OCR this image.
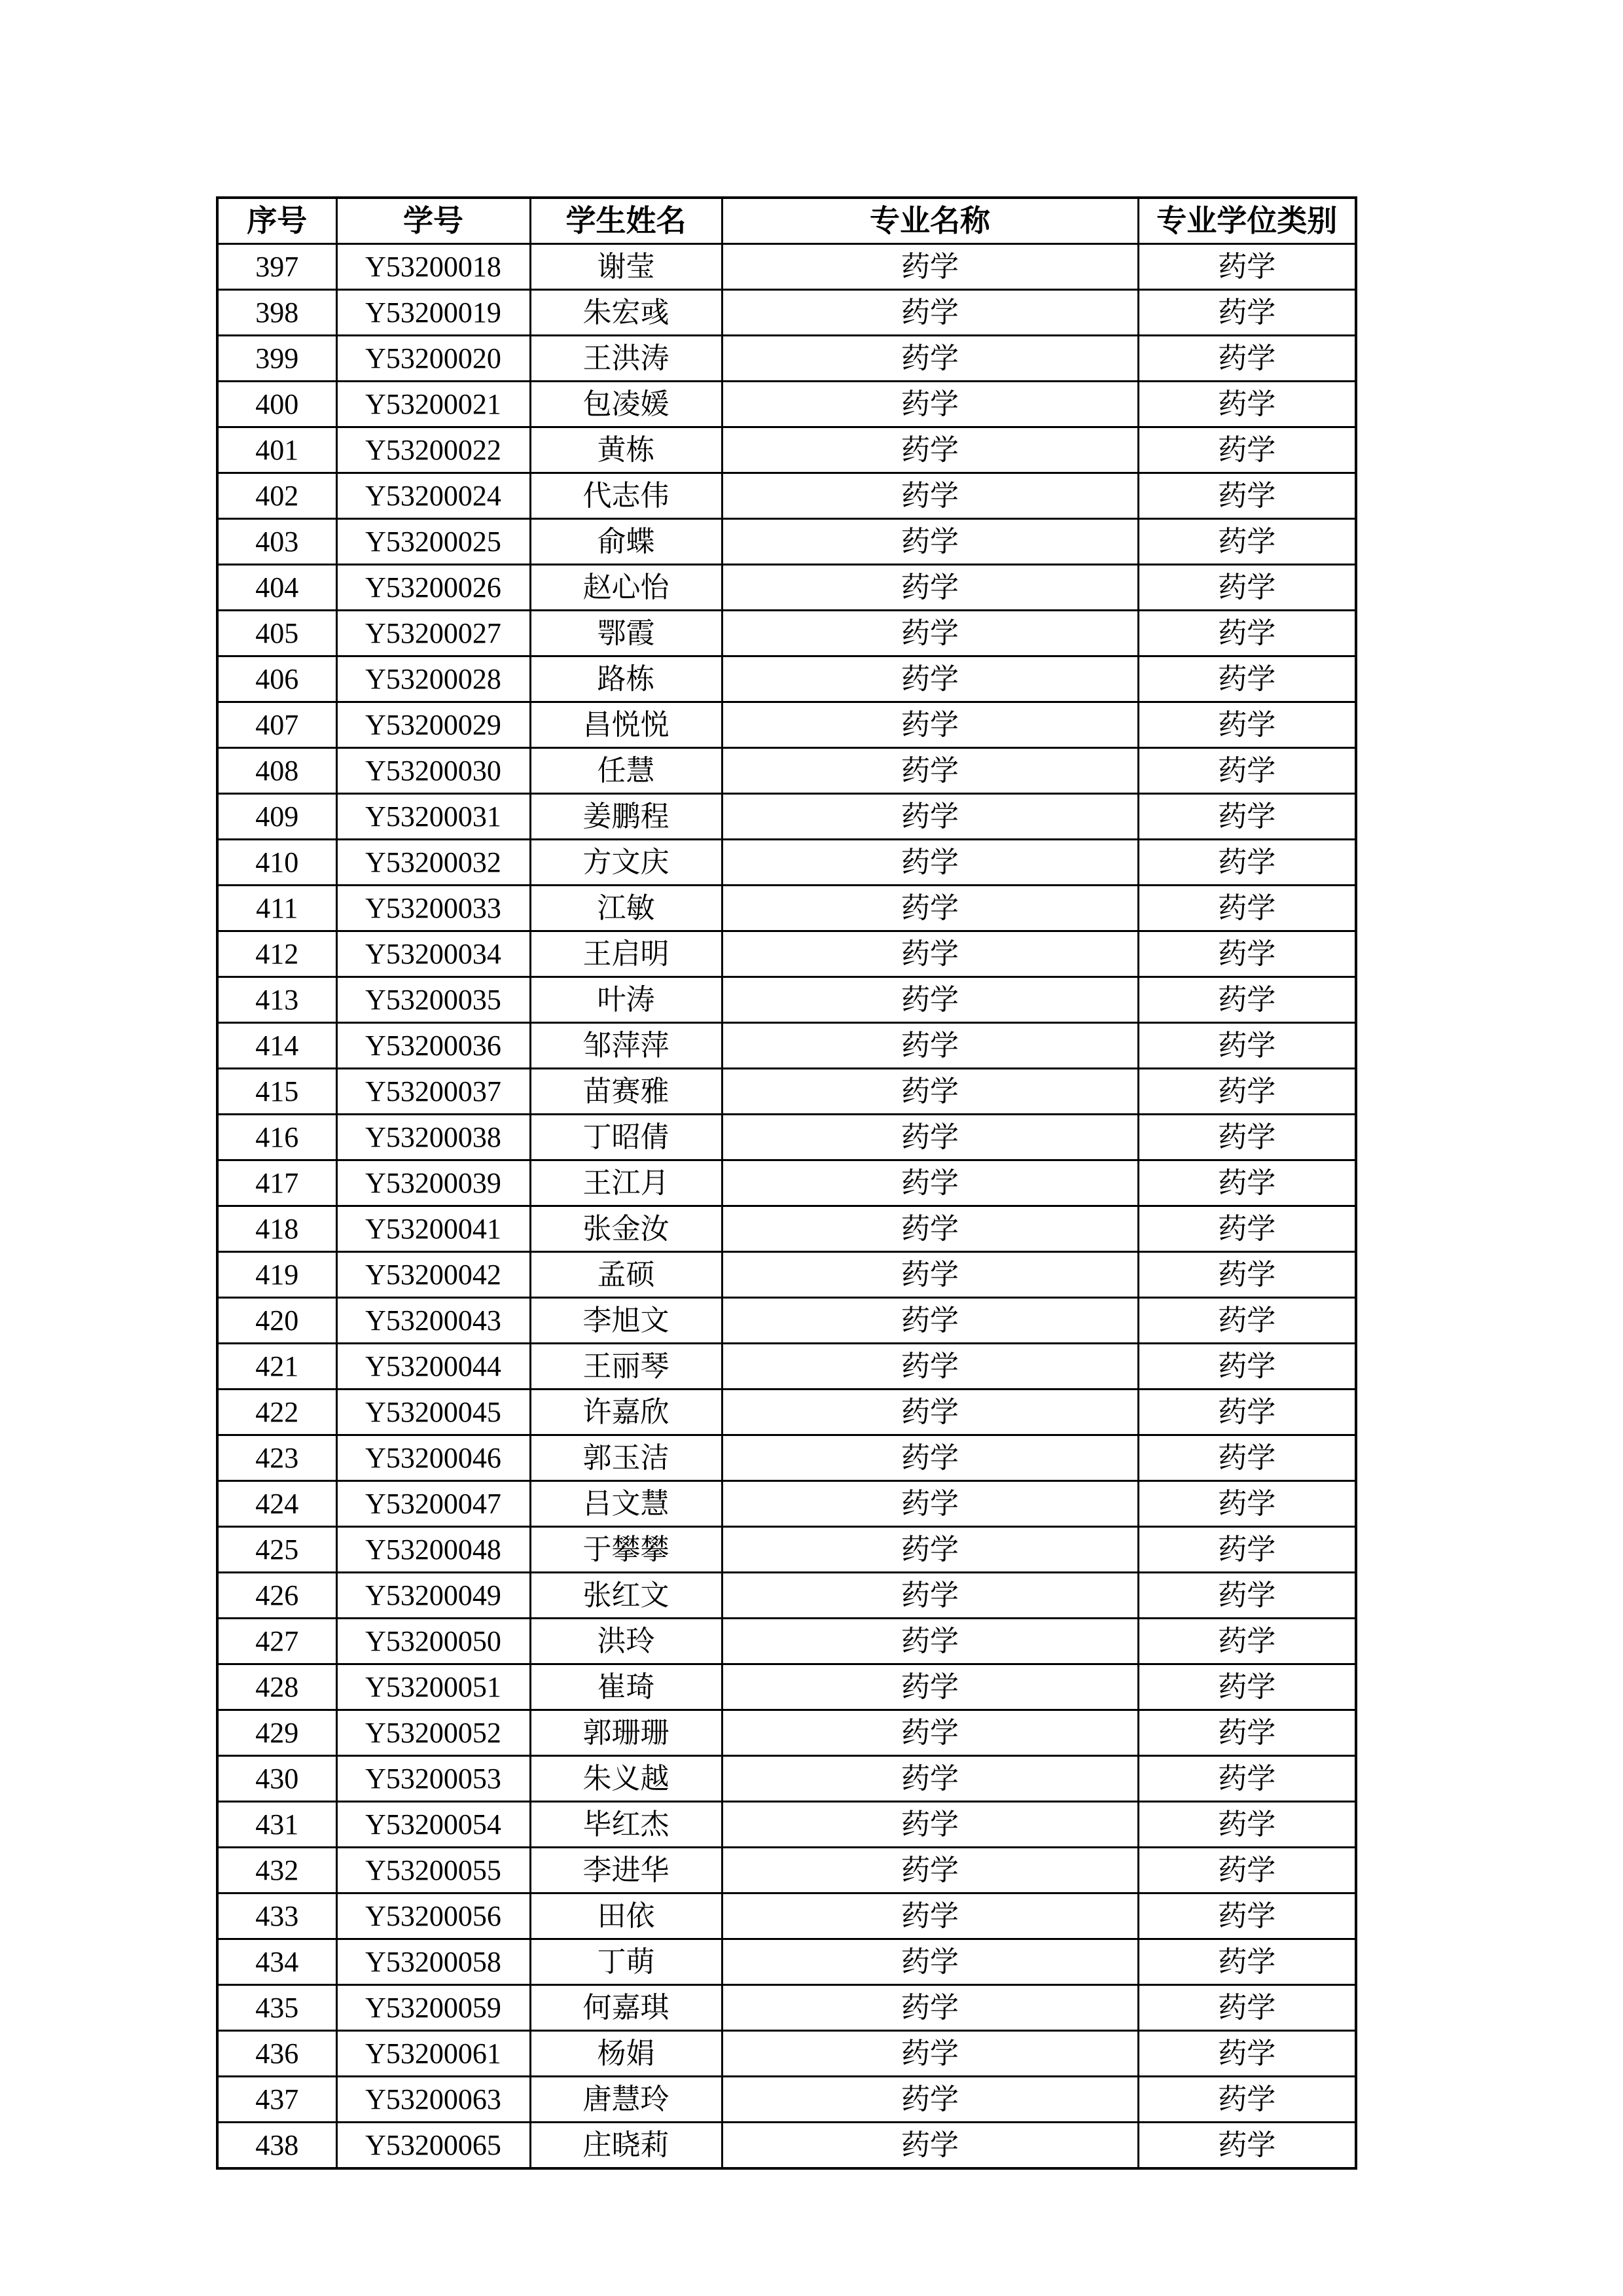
序号	学号	学生姓名	专业名称	专业学位类别
397	Y53200018	谢莹	药学	药学
398	Y53200019	朱宏彧	药学	药学
399	Y53200020	王洪涛	药学	药学
400	Y53200021	包凌媛	药学	药学
401	Y53200022	黄栋	药学	药学
402	Y53200024	代志伟	药学	药学
403	Y53200025	俞蝶	药学	药学
404	Y53200026	赵心怡	药学	药学
405	Y53200027	鄂霞	药学	药学
406	Y53200028	路栋	药学	药学
407	Y53200029	昌悦悦	药学	药学
408	Y53200030	任慧	药学	药学
409	Y53200031	姜鹏程	药学	药学
410	Y53200032	方文庆	药学	药学
411	Y53200033	江敏	药学	药学
412	Y53200034	王启明	药学	药学
413	Y53200035	叶涛	药学	药学
414	Y53200036	邹萍萍	药学	药学
415	Y53200037	苗赛雅	药学	药学
416	Y53200038	丁昭倩	药学	药学
417	Y53200039	王江月	药学	药学
418	Y53200041	张金汝	药学	药学
419	Y53200042	孟硕	药学	药学
420	Y53200043	李旭文	药学	药学
421	Y53200044	王丽琴	药学	药学
422	Y53200045	许嘉欣	药学	药学
423	Y53200046	郭玉洁	药学	药学
424	Y53200047	吕文慧	药学	药学
425	Y53200048	于攀攀	药学	药学
426	Y53200049	张红文	药学	药学
427	Y53200050	洪玲	药学	药学
428	Y53200051	崔琦	药学	药学
429	Y53200052	郭珊珊	药学	药学
430	Y53200053	朱义越	药学	药学
431	Y53200054	毕红杰	药学	药学
432	Y53200055	李进华	药学	药学
433	Y53200056	田依	药学	药学
434	Y53200058	丁萌	药学	药学
435	Y53200059	何嘉琪	药学	药学
436	Y53200061	杨娟	药学	药学
437	Y53200063	唐慧玲	药学	药学
438	Y53200065	庄晓莉	药学	药学
